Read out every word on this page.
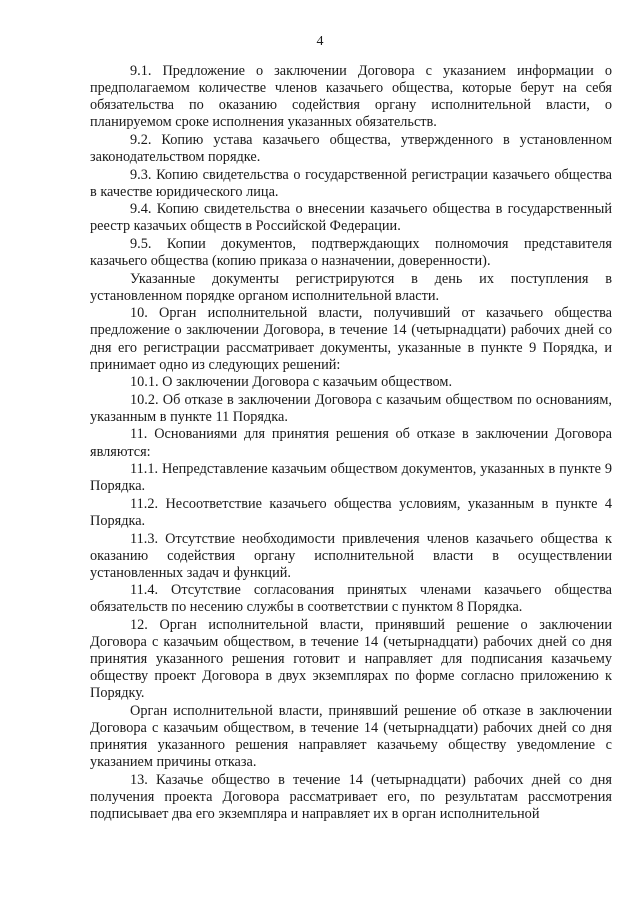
4

9.1. Предложение о заключении Договора с указанием информации о предполагаемом количестве членов казачьего общества, которые берут на себя обязательства по оказанию содействия органу исполнительной власти, о планируемом сроке исполнения указанных обязательств.

9.2. Копию устава казачьего общества, утвержденного в установленном законодательством порядке.

9.3. Копию свидетельства о государственной регистрации казачьего общества в качестве юридического лица.

9.4. Копию свидетельства о внесении казачьего общества в государственный реестр казачьих обществ в Российской Федерации.

9.5. Копии документов, подтверждающих полномочия представителя казачьего общества (копию приказа о назначении, доверенности).

Указанные документы регистрируются в день их поступления в установленном порядке органом исполнительной власти.

10. Орган исполнительной власти, получивший от казачьего общества предложение о заключении Договора, в течение 14 (четырнадцати) рабочих дней со дня его регистрации рассматривает документы, указанные в пункте 9 Порядка, и принимает одно из следующих решений:

10.1. О заключении Договора с казачьим обществом.

10.2. Об отказе в заключении Договора с казачьим обществом по основаниям, указанным в пункте 11 Порядка.

11. Основаниями для принятия решения об отказе в заключении Договора являются:

11.1. Непредставление казачьим обществом документов, указанных в пункте 9 Порядка.

11.2. Несоответствие казачьего общества условиям, указанным в пункте 4 Порядка.

11.3. Отсутствие необходимости привлечения членов казачьего общества к оказанию содействия органу исполнительной власти в осуществлении установленных задач и функций.

11.4. Отсутствие согласования принятых членами казачьего общества обязательств по несению службы в соответствии с пунктом 8 Порядка.

12. Орган исполнительной власти, принявший решение о заключении Договора с казачьим обществом, в течение 14 (четырнадцати) рабочих дней со дня принятия указанного решения готовит и направляет для подписания казачьему обществу проект Договора в двух экземплярах по форме согласно приложению к Порядку.

Орган исполнительной власти, принявший решение об отказе в заключении Договора с казачьим обществом, в течение 14 (четырнадцати) рабочих дней со дня принятия указанного решения направляет казачьему обществу уведомление с указанием причины отказа.

13. Казачье общество в течение 14 (четырнадцати) рабочих дней со дня получения проекта Договора рассматривает его, по результатам рассмотрения подписывает два его экземпляра и направляет их в орган исполнительной
